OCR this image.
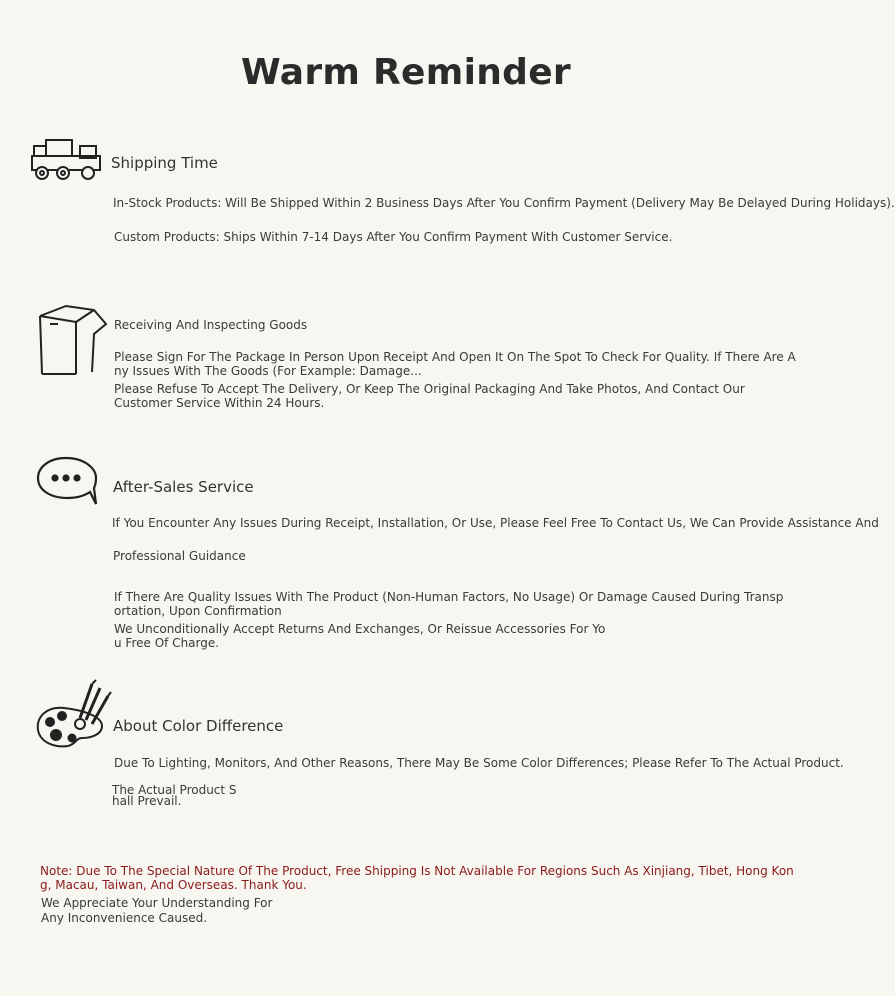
Warm Reminder
Shipping Time
In-Stock Products: Will Be Shipped Within 2 Business Days After You Confirm Payment (Delivery May Be Delayed During Holidays).
Custom Products: Ships Within 7-14 Days After You Confirm Payment With Customer Service.
Receiving And Inspecting Goods
Please Sign For The Package In Person Upon Receipt And Open It On The Spot To Check For Quality. If There Are A
ny Issues With The Goods (For Example: Damage...
Please Refuse To Accept The Delivery, Or Keep The Original Packaging And Take Photos, And Contact Our
Customer Service Within 24 Hours.
After-Sales Service
If You Encounter Any Issues During Receipt, Installation, Or Use, Please Feel Free To Contact Us, We Can Provide Assistance And
Professional Guidance
If There Are Quality Issues With The Product (Non-Human Factors, No Usage) Or Damage Caused During Transp
ortation, Upon Confirmation
We Unconditionally Accept Returns And Exchanges, Or Reissue Accessories For Yo
u Free Of Charge.
About Color Difference
Due To Lighting, Monitors, And Other Reasons, There May Be Some Color Differences; Please Refer To The Actual Product.
The Actual Product S
hall Prevail.
Note: Due To The Special Nature Of The Product, Free Shipping Is Not Available For Regions Such As Xinjiang, Tibet, Hong Kon
g, Macau, Taiwan, And Overseas. Thank You.
We Appreciate Your Understanding For
Any Inconvenience Caused.
